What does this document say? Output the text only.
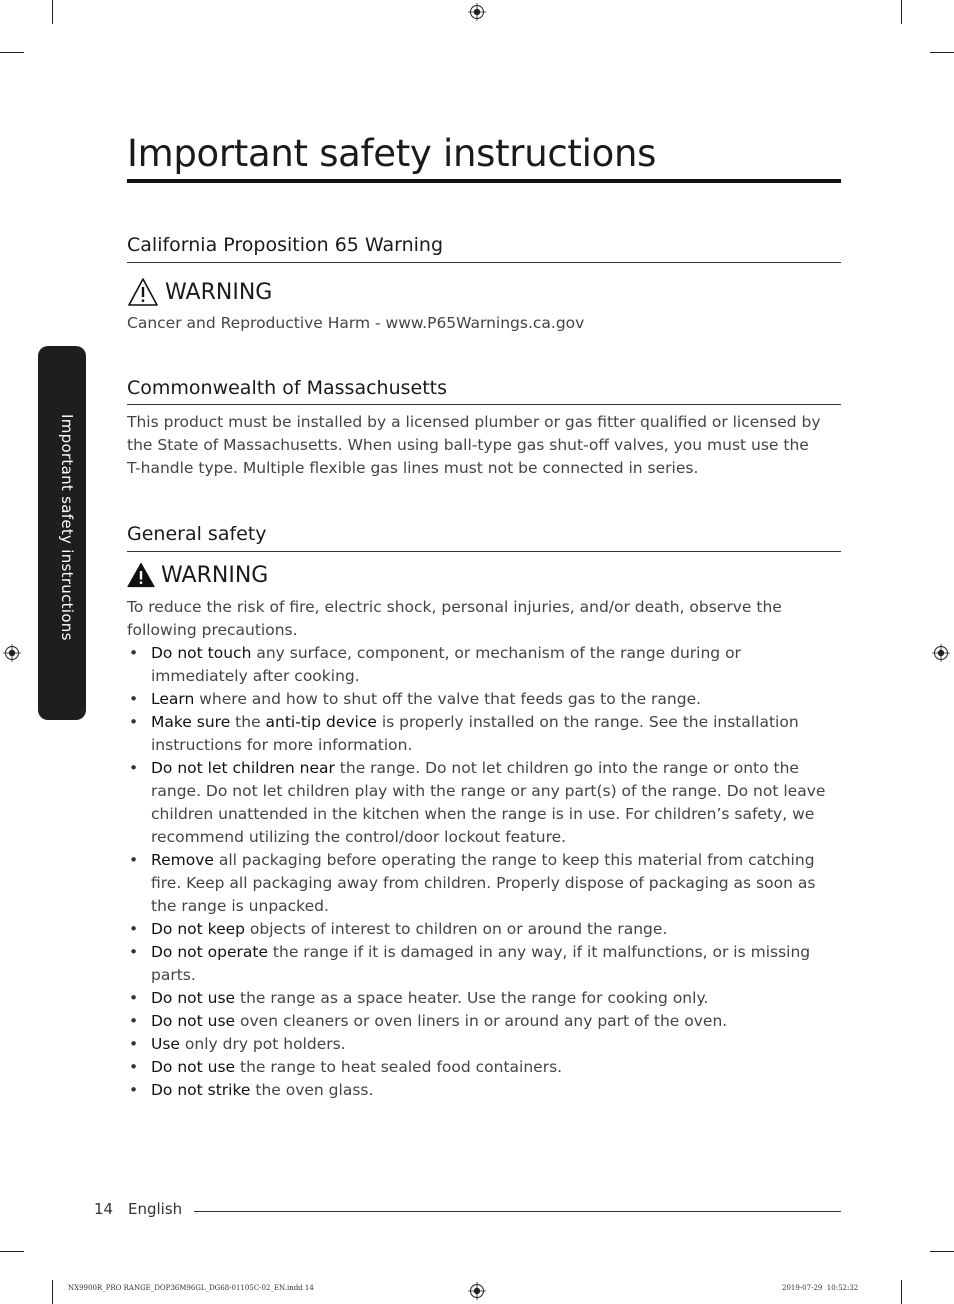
Important safety instructions
Important safety instructions
California Proposition 65 Warning
WARNING
Cancer and Reproductive Harm - www.P65Warnings.ca.gov
Commonwealth of Massachusetts
This product must be installed by a licensed plumber or gas fitter qualified or licensed by
the State of Massachusetts. When using ball-type gas shut-off valves, you must use the
T-handle type. Multiple flexible gas lines must not be connected in series.
General safety
WARNING
To reduce the risk of fire, electric shock, personal injuries, and/or death, observe the
following precautions.
• Do not touch any surface, component, or mechanism of the range during or
immediately after cooking.
• Learn where and how to shut off the valve that feeds gas to the range.
• Make sure the anti-tip device is properly installed on the range. See the installation
instructions for more information.
• Do not let children near the range. Do not let children go into the range or onto the
range. Do not let children play with the range or any part(s) of the range. Do not leave
children unattended in the kitchen when the range is in use. For children’s safety, we
recommend utilizing the control/door lockout feature.
• Remove all packaging before operating the range to keep this material from catching
fire. Keep all packaging away from children. Properly dispose of packaging as soon as
the range is unpacked.
• Do not keep objects of interest to children on or around the range.
• Do not operate the range if it is damaged in any way, if it malfunctions, or is missing
parts.
• Do not use the range as a space heater. Use the range for cooking only.
• Do not use oven cleaners or oven liners in or around any part of the oven.
• Use only dry pot holders.
• Do not use the range to heat sealed food containers.
• Do not strike the oven glass.
14 English
NX9900R_PRO RANGE_DOP36M96GL_DG68-01105C-02_EN.indd 14	2019-07-29 ￼ 10:52:32
